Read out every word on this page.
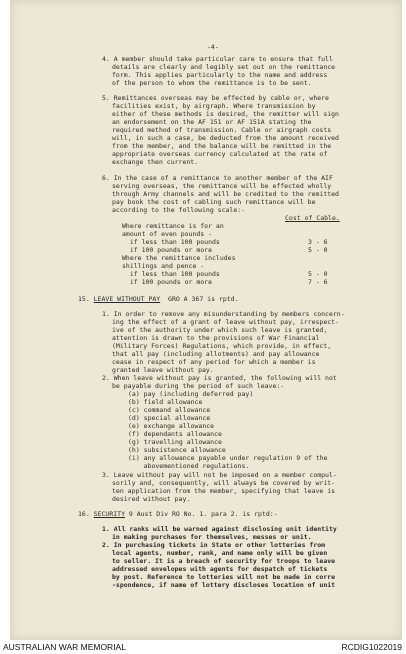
-4-
4. A member should take particular care to ensure that full
details are clearly and legibly set out on the remittance
form. This applies particularly to the name and address
of the person to whom the remittance is to be sent.
5. Remittances overseas may be effected by cable or, where
facilities exist, by airgraph. Where transmission by
either of these methods is desired, the remitter will sign
an endorsement on the AF 151 or AF 151A stating the
required method of transmission. Cable or airgraph costs
will, in such a case, be deducted from the amount received
from the member, and the balance will be remitted in the
appropriate overseas currency calculated at the rate of
exchange then current.
6. In the case of a remittance to another member of the AIF
serving overseas, the remittance will be effected wholly
through Army channels and will be credited to the remitted
pay book the cost of cabling such remittance will be
according to the following scale:-
Cost of Cable.
Where remittance is for an
amount of even pounds -
if less than 100 pounds	3 - 6
if 100 pounds or more	5 - 0
Where the remittance includes
shillings and pence -
if less than 100 pounds	5 - 0
if 100 pounds or more	7 - 6
15. LEAVE WITHOUT PAY  GRO A 367 is rptd.
1. In order to remove any misunderstanding by members concern-
ing the effect of a grant of leave without pay, irrespect-
ive of the authority under which such leave is granted,
attention is drawn to the provisions of War Financial
(Military Forces) Regulations, which provide, in effect,
that all pay (including allotments) and pay allowance
cease in respect of any period for which a member is
granted leave without pay.
2. When leave without pay is granted, the following will not
be payable during the period of such leave:-
(a) pay (including deferred pay)
(b) field allowance
(c) command allowance
(d) special allowance
(e) exchange allowance
(f) dependants allowance
(g) travelling allowance
(h) subsistence allowance
(i) any allowance payable under regulation 9 of the
abovementioned regulations.
3. Leave without pay will not be imposed on a member compul-
sorily and, consequently, will always be covered by writ-
ten application from the member, specifying that leave is
desired without pay.
16. SECURITY 9 Aust Div RO No. 1. para 2. is rptd:-
1. All ranks will be warned against disclosing unit identity
in making purchases for themselves, messes or unit.
2. In purchasing tickets in State or other lotteries from
local agents, number, rank, and name only will be given
to seller. It is a breach of security for troops to leave
addressed envelopes with agents for despatch of tickets
by post. Reference to lotteries will not be made in corre
-spondence, if name of lottery discloses location of unit
AUSTRALIAN WAR MEMORIAL	RCDIG1022019
